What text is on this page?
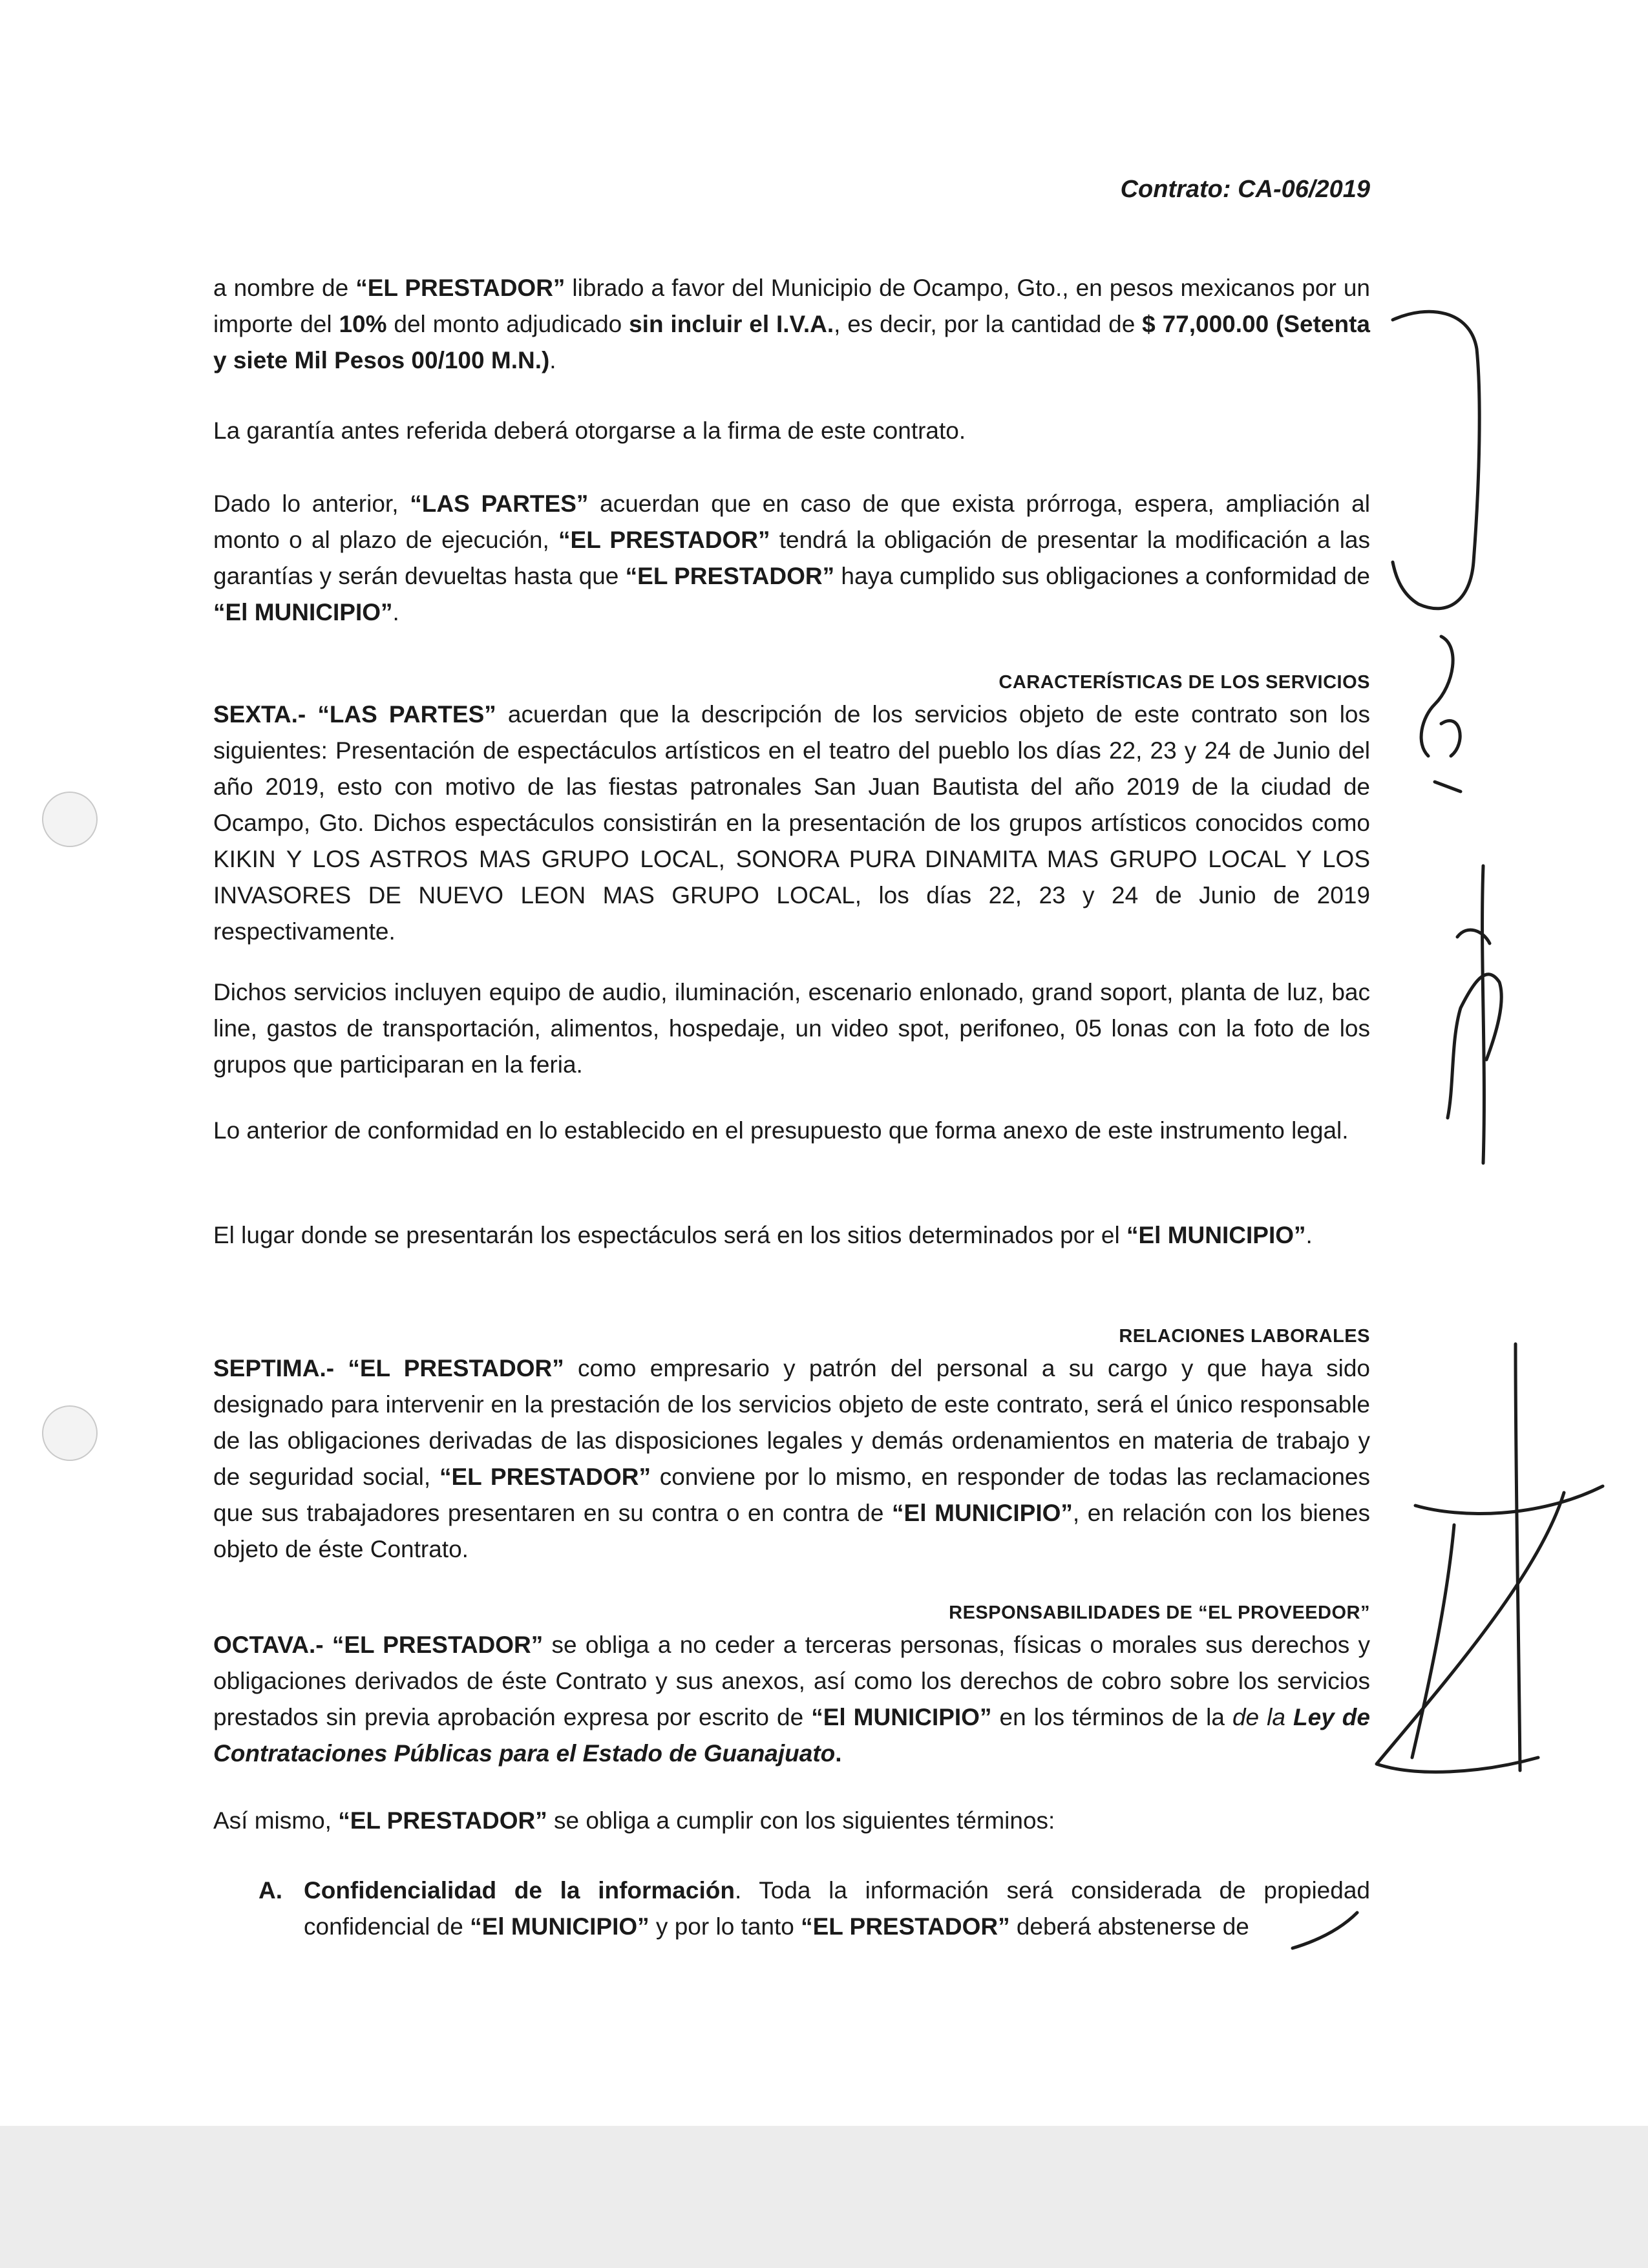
Contrato: CA-06/2019

a nombre de “EL PRESTADOR” librado a favor del Municipio de Ocampo, Gto., en pesos mexicanos por un importe del 10% del monto adjudicado sin incluir el I.V.A., es decir, por la cantidad de $ 77,000.00 (Setenta y siete Mil Pesos 00/100 M.N.).

La garantía antes referida deberá otorgarse a la firma de este contrato.

Dado lo anterior, “LAS PARTES” acuerdan que en caso de que exista prórroga, espera, ampliación al monto o al plazo de ejecución, “EL PRESTADOR” tendrá la obligación de presentar la modificación a las garantías y serán devueltas hasta que “EL PRESTADOR” haya cumplido sus obligaciones a conformidad de “El MUNICIPIO”.

CARACTERÍSTICAS DE LOS SERVICIOS

SEXTA.- “LAS PARTES” acuerdan que la descripción de los servicios objeto de este contrato son los siguientes: Presentación de espectáculos artísticos en el teatro del pueblo los días 22, 23 y 24 de Junio del año 2019, esto con motivo de las fiestas patronales San Juan Bautista del año 2019 de la ciudad de Ocampo, Gto. Dichos espectáculos consistirán en la presentación de los grupos artísticos conocidos como KIKIN Y LOS ASTROS MAS GRUPO LOCAL, SONORA PURA DINAMITA MAS GRUPO LOCAL Y LOS INVASORES DE NUEVO LEON MAS GRUPO LOCAL, los días 22, 23 y 24 de Junio de 2019 respectivamente.

Dichos servicios incluyen equipo de audio, iluminación, escenario enlonado, grand soport, planta de luz, bac line, gastos de transportación, alimentos, hospedaje, un video spot, perifoneo, 05 lonas con la foto de los grupos que participaran en la feria.

Lo anterior de conformidad en lo establecido en el presupuesto que forma anexo de este instrumento legal.

El lugar donde se presentarán los espectáculos será en los sitios determinados por el “El MUNICIPIO”.

RELACIONES LABORALES

SEPTIMA.- “EL PRESTADOR” como empresario y patrón del personal a su cargo y que haya sido designado para intervenir en la prestación de los servicios objeto de este contrato, será el único responsable de las obligaciones derivadas de las disposiciones legales y demás ordenamientos en materia de trabajo y de seguridad social, “EL PRESTADOR” conviene por lo mismo, en responder de todas las reclamaciones que sus trabajadores presentaren en su contra o en contra de “El MUNICIPIO”, en relación con los bienes objeto de éste Contrato.

RESPONSABILIDADES DE “EL PROVEEDOR”

OCTAVA.- “EL PRESTADOR” se obliga a no ceder a terceras personas, físicas o morales sus derechos y obligaciones derivados de éste Contrato y sus anexos, así como los derechos de cobro sobre los servicios prestados sin previa aprobación expresa por escrito de “El MUNICIPIO” en los términos de la de la Ley de Contrataciones Públicas para el Estado de Guanajuato.

Así mismo, “EL PRESTADOR” se obliga a cumplir con los siguientes términos:

A. Confidencialidad de la información. Toda la información será considerada de propiedad confidencial de “El MUNICIPIO” y por lo tanto “EL PRESTADOR” deberá abstenerse de
